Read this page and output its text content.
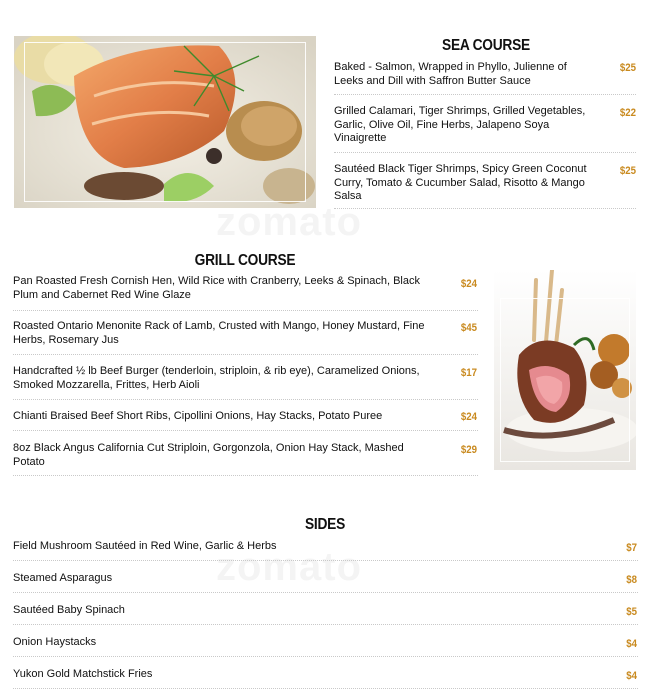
SEA COURSE
Baked - Salmon, Wrapped in Phyllo, Julienne of Leeks and Dill with Saffron Butter Sauce
$25
Grilled Calamari, Tiger Shrimps, Grilled Vegetables, Garlic, Olive Oil, Fine Herbs, Jalapeno Soya Vinaigrette
$22
Sautéed Black Tiger Shrimps, Spicy Green Coconut Curry, Tomato & Cucumber Salad, Risotto & Mango Salsa
$25
GRILL COURSE
Pan Roasted Fresh Cornish Hen, Wild Rice with Cranberry, Leeks & Spinach, Black Plum and Cabernet Red Wine Glaze
$24
Roasted Ontario Menonite Rack of Lamb, Crusted with Mango, Honey Mustard, Fine Herbs, Rosemary Jus
$45
Handcrafted ½ lb Beef Burger (tenderloin, striploin, & rib eye), Caramelized Onions, Smoked Mozzarella, Frittes, Herb Aioli
$17
Chianti Braised Beef Short Ribs, Cipollini Onions, Hay Stacks, Potato Puree	$24
8oz Black Angus California Cut Striploin, Gorgonzola, Onion Hay Stack, Mashed Potato
$29
SIDES
Field Mushroom Sautéed in Red Wine, Garlic & Herbs	$7
Steamed Asparagus	$8
Sautéed Baby Spinach	$5
Onion Haystacks	$4
Yukon Gold Matchstick Fries	$4
